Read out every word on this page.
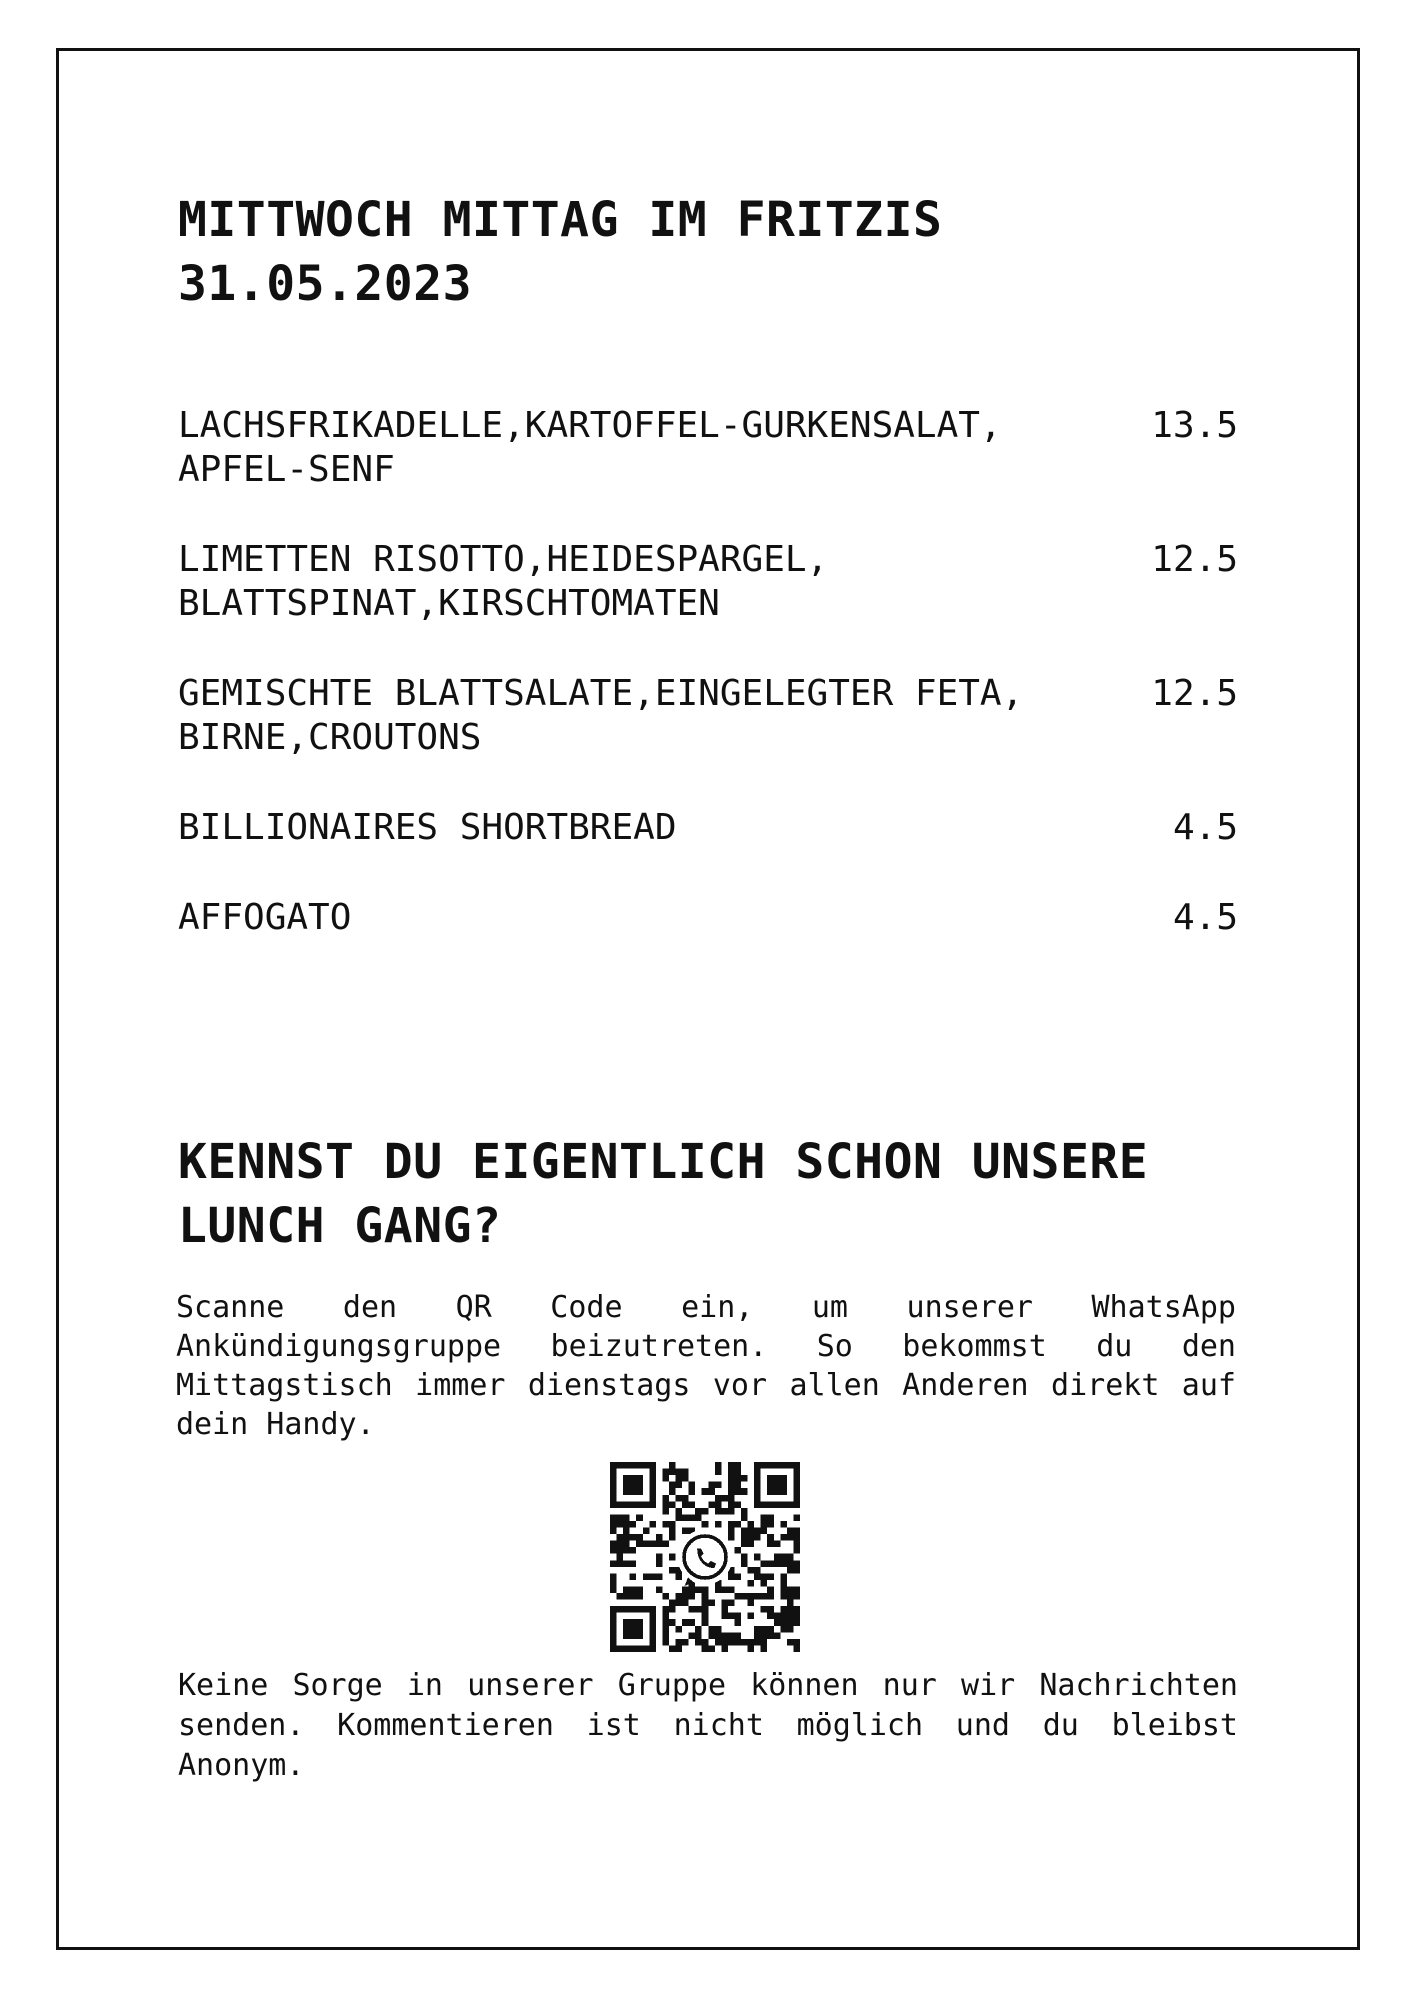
MITTWOCH MITTAG IM FRITZIS
31.05.2023
LACHSFRIKADELLE,KARTOFFEL-GURKENSALAT,
APFEL-SENF
13.5
LIMETTEN RISOTTO,HEIDESPARGEL,
BLATTSPINAT,KIRSCHTOMATEN
12.5
GEMISCHTE BLATTSALATE,EINGELEGTER FETA,
BIRNE,CROUTONS
12.5
BILLIONAIRES SHORTBREAD	4.5
AFFOGATO	4.5
KENNST DU EIGENTLICH SCHON UNSERE LUNCH GANG?

Scanne den QR Code ein, um unserer WhatsApp Ankündigungsgruppe beizutreten. So bekommst du den Mittagstisch immer dienstags vor allen Anderen direkt auf dein Handy.

Keine Sorge in unserer Gruppe können nur wir Nachrichten senden. Kommentieren ist nicht möglich und du bleibst Anonym.
